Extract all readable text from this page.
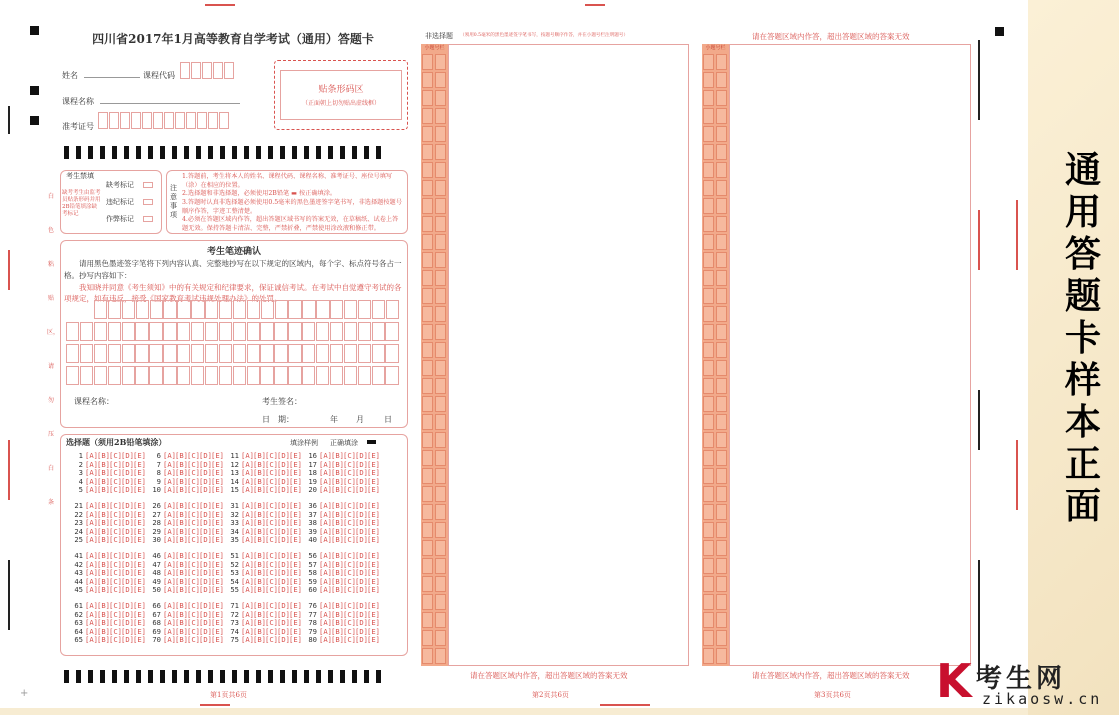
四川省2017年1月高等教育自学考试（通用）答题卡
姓名	课程代码
课程名称
准考证号
贴条形码区
（正面朝上切勿贴出虚线框）
考生禁填
缺考考生由监考员贴条形码并用2B铅笔填涂缺考标记
缺考标记
违纪标记
作弊标记
注意事项
1.答题前，考生将本人的姓名、课程代码、课程名称、准考证号、座位号填写（涂）在相应的位置。
2.选择题和非选择题，必须使用2B铅笔 ▬ 按正确填涂。
3.答题时认真非选择题必须使用0.5毫米的黑色墨迹签字笔书写，非选择题按题号顺序作答，字迹工整清楚。
4.必须在答题区域内作答，超出答题区域书写的答案无效，在草稿纸、试卷上答题无效。保持答题卡清洁、完整，严禁折叠，严禁使用涂改液和修正带。
白色粘贴区，请勿压白条
考生笔迹确认
请用黑色墨迹签字笔将下列内容认真、完整地抄写在以下规定的区域内，每个字、标点符号各占一格。抄写内容如下：
我知晓并同意《考生须知》中的有关规定和纪律要求，保证诚信考试。在考试中自觉遵守考试的各项规定，如有违反，接受《国家教育考试违规处理办法》的处罚。
课程名称：	考生签名：
日　期：	年 月	日
选择题（须用2B铅笔填涂）	填涂样例 正确填涂
1 [A][B][C][D][E] 6 [A][B][C][D][E] 11 [A][B][C][D][E] 16 [A][B][C][D][E]
2 [A][B][C][D][E] 7 [A][B][C][D][E] 12 [A][B][C][D][E] 17 [A][B][C][D][E]
3 [A][B][C][D][E] 8 [A][B][C][D][E] 13 [A][B][C][D][E] 18 [A][B][C][D][E]
4 [A][B][C][D][E] 9 [A][B][C][D][E] 14 [A][B][C][D][E] 19 [A][B][C][D][E]
5 [A][B][C][D][E] 10 [A][B][C][D][E] 15 [A][B][C][D][E] 20 [A][B][C][D][E]
21 [A][B][C][D][E] 26 [A][B][C][D][E] 31 [A][B][C][D][E] 36 [A][B][C][D][E]
22 [A][B][C][D][E] 27 [A][B][C][D][E] 32 [A][B][C][D][E] 37 [A][B][C][D][E]
23 [A][B][C][D][E] 28 [A][B][C][D][E] 33 [A][B][C][D][E] 38 [A][B][C][D][E]
24 [A][B][C][D][E] 29 [A][B][C][D][E] 34 [A][B][C][D][E] 39 [A][B][C][D][E]
25 [A][B][C][D][E] 30 [A][B][C][D][E] 35 [A][B][C][D][E] 40 [A][B][C][D][E]
41 [A][B][C][D][E] 46 [A][B][C][D][E] 51 [A][B][C][D][E] 56 [A][B][C][D][E]
42 [A][B][C][D][E] 47 [A][B][C][D][E] 52 [A][B][C][D][E] 57 [A][B][C][D][E]
43 [A][B][C][D][E] 48 [A][B][C][D][E] 53 [A][B][C][D][E] 58 [A][B][C][D][E]
44 [A][B][C][D][E] 49 [A][B][C][D][E] 54 [A][B][C][D][E] 59 [A][B][C][D][E]
45 [A][B][C][D][E] 50 [A][B][C][D][E] 55 [A][B][C][D][E] 60 [A][B][C][D][E]
61 [A][B][C][D][E] 66 [A][B][C][D][E] 71 [A][B][C][D][E] 76 [A][B][C][D][E]
62 [A][B][C][D][E] 67 [A][B][C][D][E] 72 [A][B][C][D][E] 77 [A][B][C][D][E]
63 [A][B][C][D][E] 68 [A][B][C][D][E] 73 [A][B][C][D][E] 78 [A][B][C][D][E]
64 [A][B][C][D][E] 69 [A][B][C][D][E] 74 [A][B][C][D][E] 79 [A][B][C][D][E]
65 [A][B][C][D][E] 70 [A][B][C][D][E] 75 [A][B][C][D][E] 80 [A][B][C][D][E]
第1页共6页
+
非选择题 （须用0.5毫米的黑色墨迹签字笔书写，按题号顺序作答，并在小题号栏注明题号）
小题号栏
请在答题区域内作答，超出答题区域的答案无效
第2页共6页
请在答题区域内作答，超出答题区域的答案无效
小题号栏
请在答题区域内作答，超出答题区域的答案无效
第3页共6页
通用答题卡样本正面
K 考生网
zikaosw.cn
